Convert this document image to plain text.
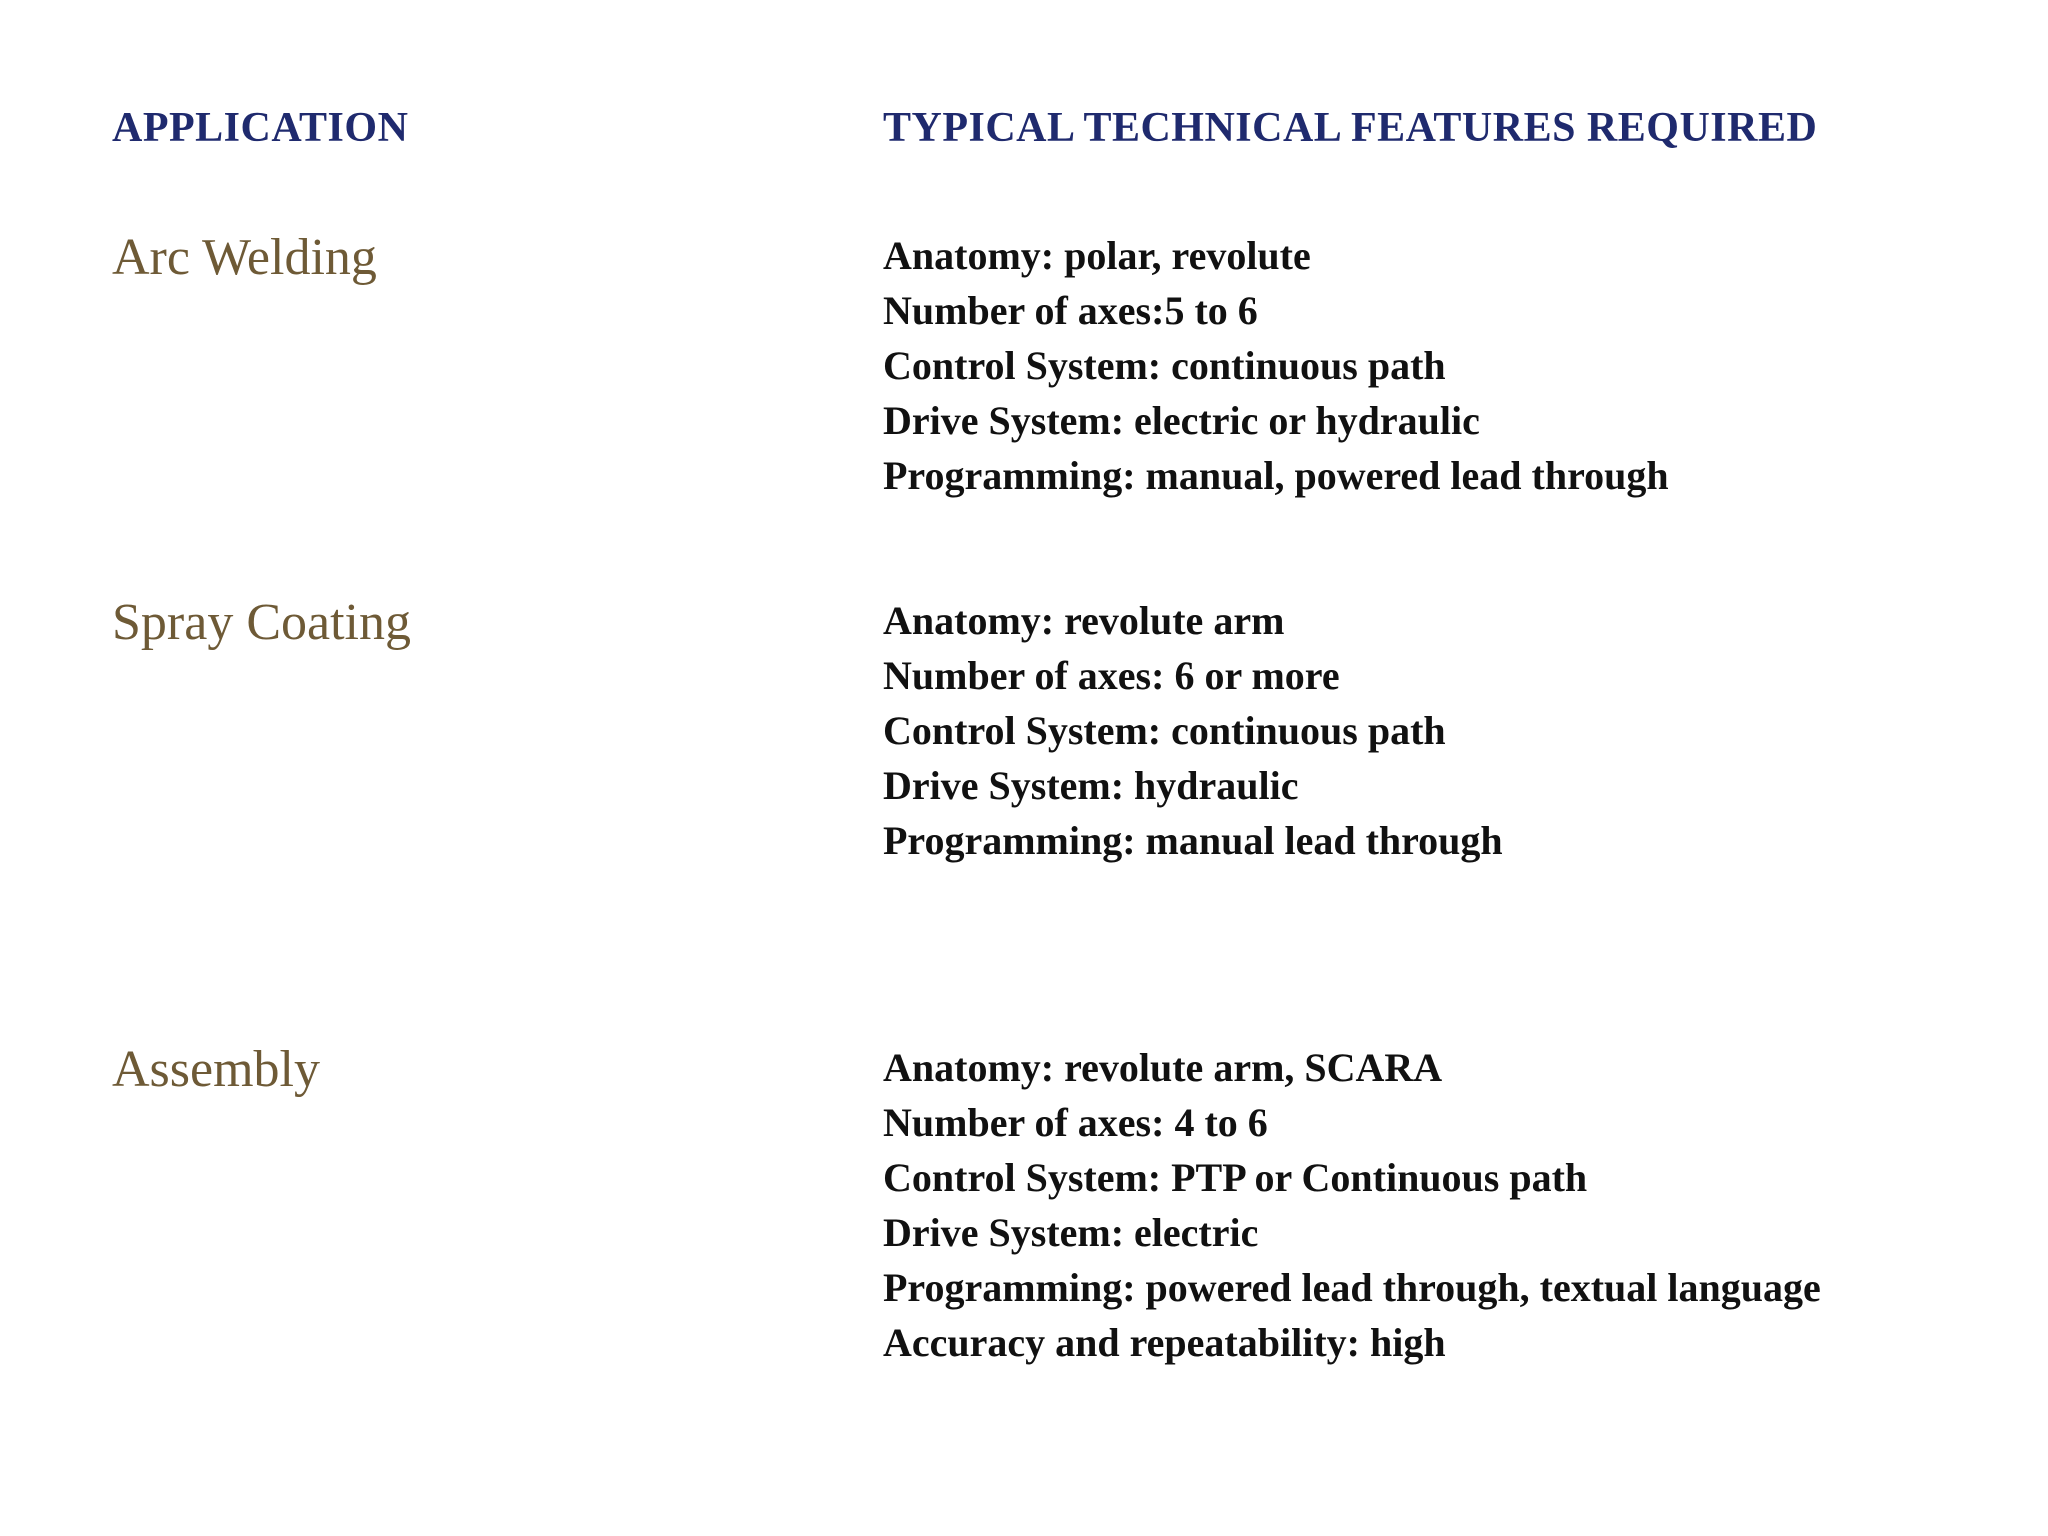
APPLICATION	TYPICAL TECHNICAL FEATURES REQUIRED
Arc Welding	Anatomy: polar, revolute
Number of axes:5 to 6
Control System: continuous path
Drive System: electric or hydraulic
Programming: manual, powered lead through
Spray Coating	Anatomy: revolute arm
Number of axes: 6 or more
Control System: continuous path
Drive System: hydraulic
Programming: manual lead through
Assembly	Anatomy: revolute arm, SCARA
Number of axes: 4 to 6
Control System: PTP or Continuous path
Drive System: electric
Programming: powered lead through, textual language
Accuracy and repeatability: high
